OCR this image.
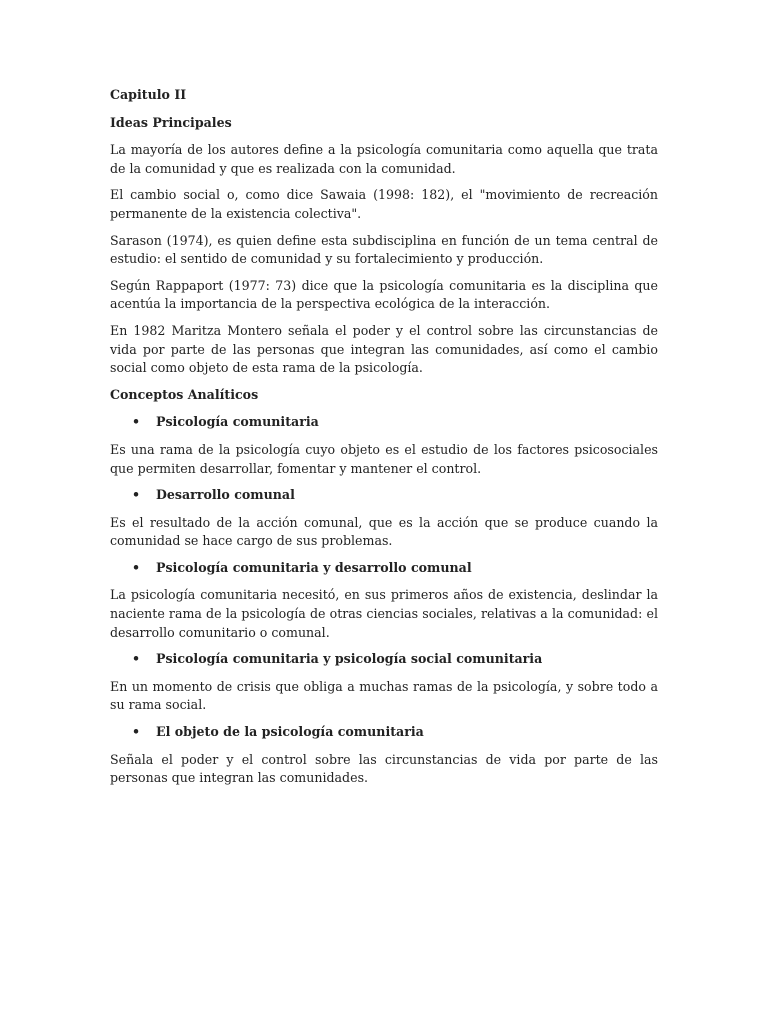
Capitulo II
Ideas Principales

La mayoría de los autores define a la psicología comunitaria como aquella que trata de la comunidad y que es realizada con la comunidad.

El cambio social o, como dice Sawaia (1998: 182), el "movimiento de recreación permanente de la existencia colectiva".

Sarason (1974), es quien define esta subdisciplina en función de un tema central de estudio: el sentido de comunidad y su fortalecimiento y producción.

Según Rappaport (1977: 73) dice que la psicología comunitaria es la disciplina que acentúa la importancia de la perspectiva ecológica de la interacción.

En 1982 Maritza Montero señala el poder y el control sobre las circunstancias de vida por parte de las personas que integran las comunidades, así como el cambio social como objeto de esta rama de la psicología.

Conceptos Analíticos
•
Psicología comunitaria

Es una rama de la psicología cuyo objeto es el estudio de los factores psicosociales que permiten desarrollar, fomentar y mantener el control.

•
Desarrollo comunal

Es el resultado de la acción comunal, que es la acción que se produce cuando la comunidad se hace cargo de sus problemas.

•
Psicología comunitaria y desarrollo comunal

La psicología comunitaria necesitó, en sus primeros años de existencia, deslindar la naciente rama de la psicología de otras ciencias sociales, relativas a la comunidad: el desarrollo comunitario o comunal.

•
Psicología comunitaria y psicología social comunitaria

En un momento de crisis que obliga a muchas ramas de la psicología, y sobre todo a su rama social.

•
El objeto de la psicología comunitaria

Señala el poder y el control sobre las circunstancias de vida por parte de las personas que integran las comunidades.
